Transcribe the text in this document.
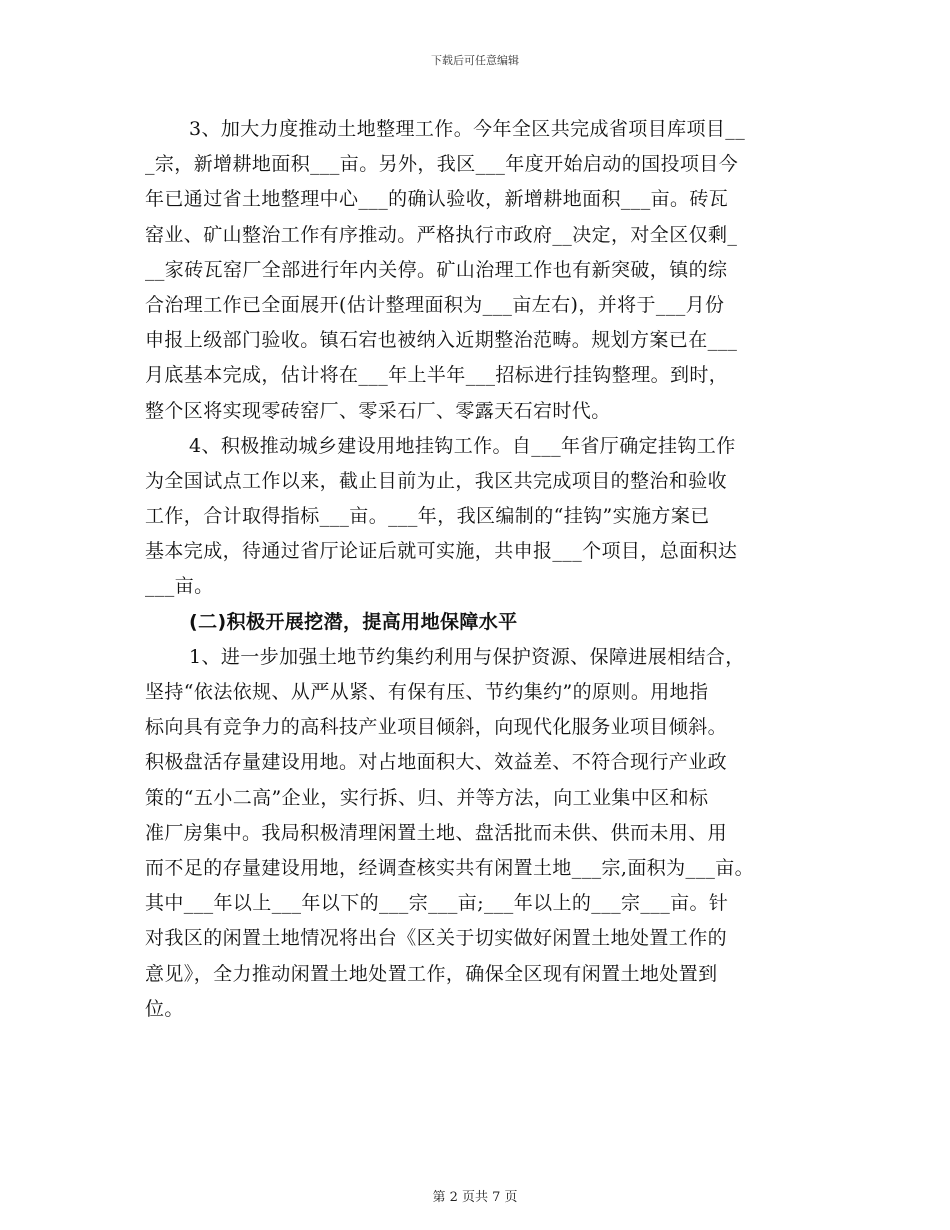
下载后可任意编辑
3、加大力度推动土地整理工作。今年全区共完成省项目库项目__
_宗，新增耕地面积___亩。另外，我区___年度开始启动的国投项目今
年已通过省土地整理中心___的确认验收，新增耕地面积___亩。砖瓦
窑业、矿山整治工作有序推动。严格执行市政府__决定，对全区仅剩_
__家砖瓦窑厂全部进行年内关停。矿山治理工作也有新突破，镇的综
合治理工作已全面展开(估计整理面积为___亩左右)，并将于___月份
申报上级部门验收。镇石宕也被纳入近期整治范畴。规划方案已在___
月底基本完成，估计将在___年上半年___招标进行挂钩整理。到时，
整个区将实现零砖窑厂、零采石厂、零露天石宕时代。
4、积极推动城乡建设用地挂钩工作。自___年省厅确定挂钩工作
为全国试点工作以来，截止目前为止，我区共完成项目的整治和验收
工作，合计取得指标___亩。___年，我区编制的“挂钩”实施方案已
基本完成，待通过省厅论证后就可实施，共申报___个项目，总面积达
___亩。
(二)积极开展挖潜，提高用地保障水平
1、进一步加强土地节约集约利用与保护资源、保障进展相结合，
坚持“依法依规、从严从紧、有保有压、节约集约”的原则。用地指
标向具有竞争力的高科技产业项目倾斜，向现代化服务业项目倾斜。
积极盘活存量建设用地。对占地面积大、效益差、不符合现行产业政
策的“五小二高”企业，实行拆、归、并等方法，向工业集中区和标
准厂房集中。我局积极清理闲置土地、盘活批而未供、供而未用、用
而不足的存量建设用地，经调查核实共有闲置土地___宗,面积为___亩。
其中___年以上___年以下的___宗___亩;___年以上的___宗___亩。针
对我区的闲置土地情况将出台《区关于切实做好闲置土地处置工作的
意见》，全力推动闲置土地处置工作，确保全区现有闲置土地处置到
位。
第 2 页共 7 页
